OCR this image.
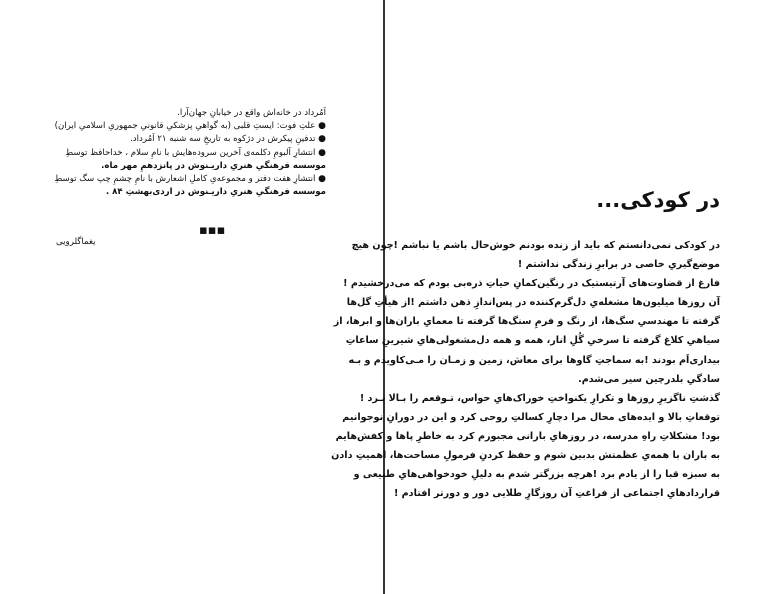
اَمُرداد در خانه‌اش واقع در خیابانِ جهان‌آرا.
● علتِ فوت: ایستِ قلبی (به گواهیِ پزشکیِ قانونیِ جمهوریِ اسلامیِ ایران)
● تدفینِ پیکرش در دژکوه به تاریخِ سه شنبه ۲۱ اَمُرداد.
● انتشارِ آلبومِ دکلمه‌ی آخرین سروده‌هایش با نامِ سلام ، خداحافظ توسطِ
موسسه فرهنگیِ هنریِ داریـنوش در پانزدهمِ مهر ماه.
● انتشارِ هفت دفتر و مجموعه‌یِ کاملِ اشعارش با نامِ چشمِ چپ سگ توسطِ
موسسه فرهنگیِ هنریِ داریـنوش در اردی‌بهشتِ ۸۴ .
▪▪▪
یغماگلرویی
در کودکی...
در کودکی نمی‌دانستم که باید از زنده بودنم خوش‌حال باشم یا نباشم !چون هیچ
موضع‌گیریِ خاصی در برابرِ زندگی نداشتم !
فارغ از قضاوت‌های آرتیستیک در رنگین‌کمانِ حیاتِ ذره‌بی بودم که می‌درخشیدم !
آن روزها میلیون‌ها مشغله‌یِ دل‌گرم‌کننده در پس‌اندازِ ذهن داشتم !از هیأتِ گل‌ها
گرفته تا مهندسیِ سگ‌ها، از رنگ و فرمِ سنگ‌ها گرفته تا معمایِ باران‌ها و ابرها، از
سیاهیِ کلاغ گرفته تا سرخیِ گُلِ انار، همه و همه دل‌مشغولی‌هایِ شیرینِ ساعاتِ
بیداری‌اَم بودند !به سماجتِ گاوها برای معاش، زمین و زمـان را مـی‌کاویدم و بـه
سادگیِ بلدرچین سیر می‌شدم.
گذشتِ ناگزیرِ روزها و تکرارِ یکنواختِ خوراک‌هایِ حواس، تـوقعم را بـالا بـرد !
توقعاتِ بالا و ایده‌های محال مرا دچارِ کسالتِ روحی کرد و این در دورانِ نوجوانیم
بود! مشکلاتِ راهِ مدرسه، در روزهایِ بارانی مجبورم کرد به خاطرِ پاها و کفش‌هایم
به باران با همه‌یِ عظمتش بدبین شوم و حفظ کردنِ فرمولِ مساحت‌ها، اهمیتِ دادن
به سبزه قبا را از یادم برد !هرچه بزرگتر شدم به دلیلِ خودخواهی‌هایِ طبیعی و
قراردادهایِ اجتماعی از فراغتِ آن روزگارِ طلایی دور و دورتر افتادم !
